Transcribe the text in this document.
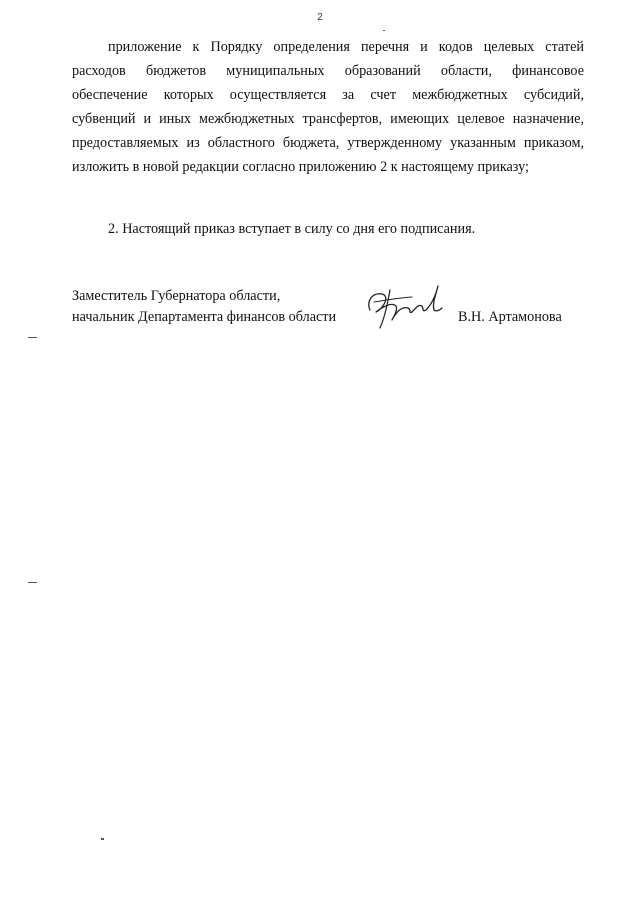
2

приложение к Порядку определения перечня и кодов целевых статей
расходов бюджетов муниципальных образований области, финансовое
обеспечение которых осуществляется за счет межбюджетных субсидий,
субвенций и иных межбюджетных трансфертов, имеющих целевое назначение,
предоставляемых из областного бюджета, утвержденному указанным приказом,
изложить в новой редакции согласно приложению 2 к настоящему приказу;

2. Настоящий приказ вступает в силу со дня его подписания.
Заместитель Губернатора области,
начальник Департамента финансов области	В.Н. Артамонова
